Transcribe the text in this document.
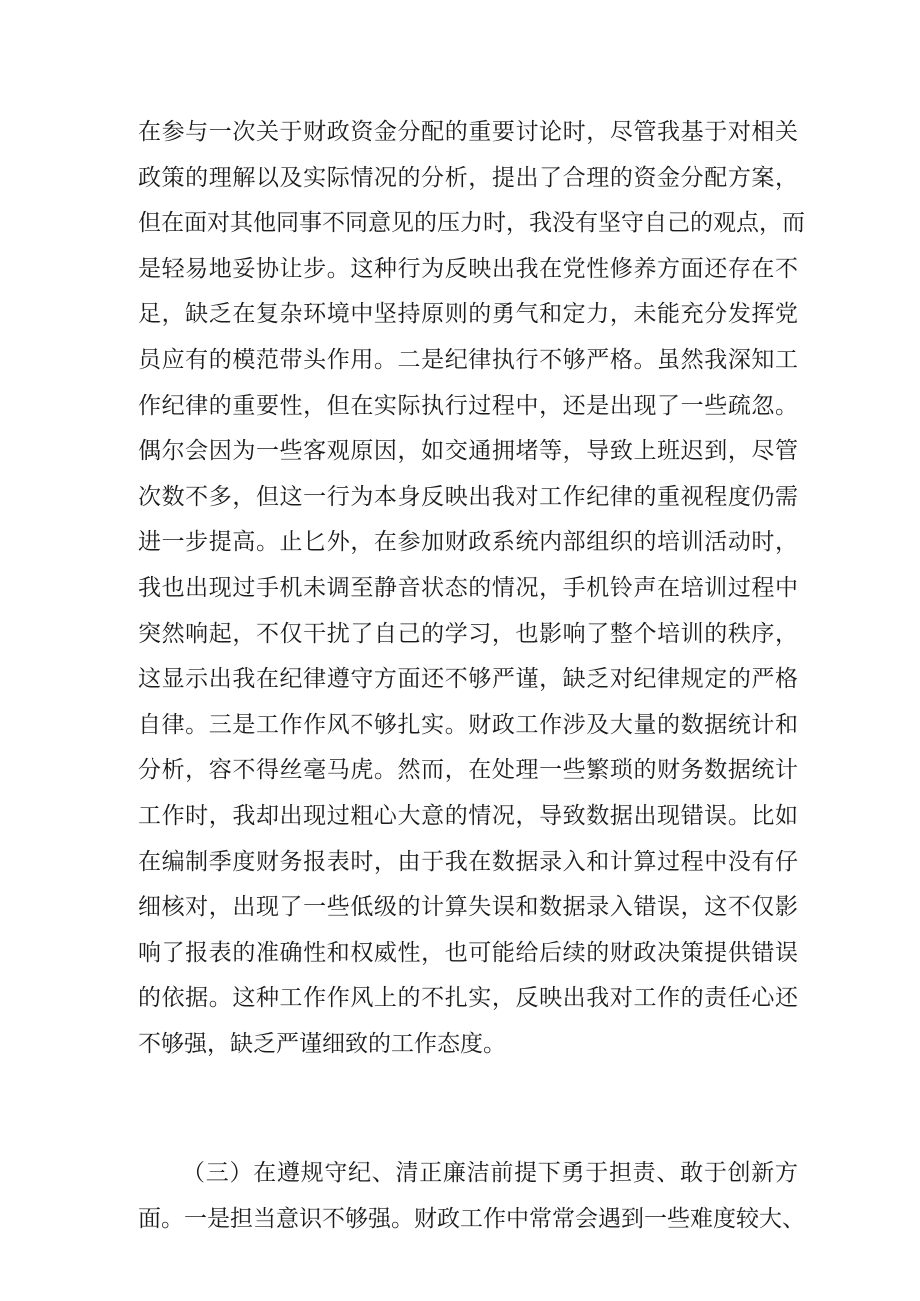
在参与一次关于财政资金分配的重要讨论时，尽管我基于对相关
政策的理解以及实际情况的分析，提出了合理的资金分配方案，
但在面对其他同事不同意见的压力时，我没有坚守自己的观点，而
是轻易地妥协让步。这种行为反映出我在党性修养方面还存在不
足，缺乏在复杂环境中坚持原则的勇气和定力，未能充分发挥党
员应有的模范带头作用。二是纪律执行不够严格。虽然我深知工
作纪律的重要性，但在实际执行过程中，还是出现了一些疏忽。
偶尔会因为一些客观原因，如交通拥堵等，导致上班迟到，尽管
次数不多，但这一行为本身反映出我对工作纪律的重视程度仍需
进一步提高。止匕外，在参加财政系统内部组织的培训活动时，
我也出现过手机未调至静音状态的情况，手机铃声在培训过程中
突然响起，不仅干扰了自己的学习，也影响了整个培训的秩序，
这显示出我在纪律遵守方面还不够严谨，缺乏对纪律规定的严格
自律。三是工作作风不够扎实。财政工作涉及大量的数据统计和
分析，容不得丝毫马虎。然而，在处理一些繁琐的财务数据统计
工作时，我却出现过粗心大意的情况，导致数据出现错误。比如
在编制季度财务报表时，由于我在数据录入和计算过程中没有仔
细核对，出现了一些低级的计算失误和数据录入错误，这不仅影
响了报表的准确性和权威性，也可能给后续的财政决策提供错误
的依据。这种工作作风上的不扎实，反映出我对工作的责任心还
不够强，缺乏严谨细致的工作态度。
（三）在遵规守纪、清正廉洁前提下勇于担责、敢于创新方
面。一是担当意识不够强。财政工作中常常会遇到一些难度较大、
